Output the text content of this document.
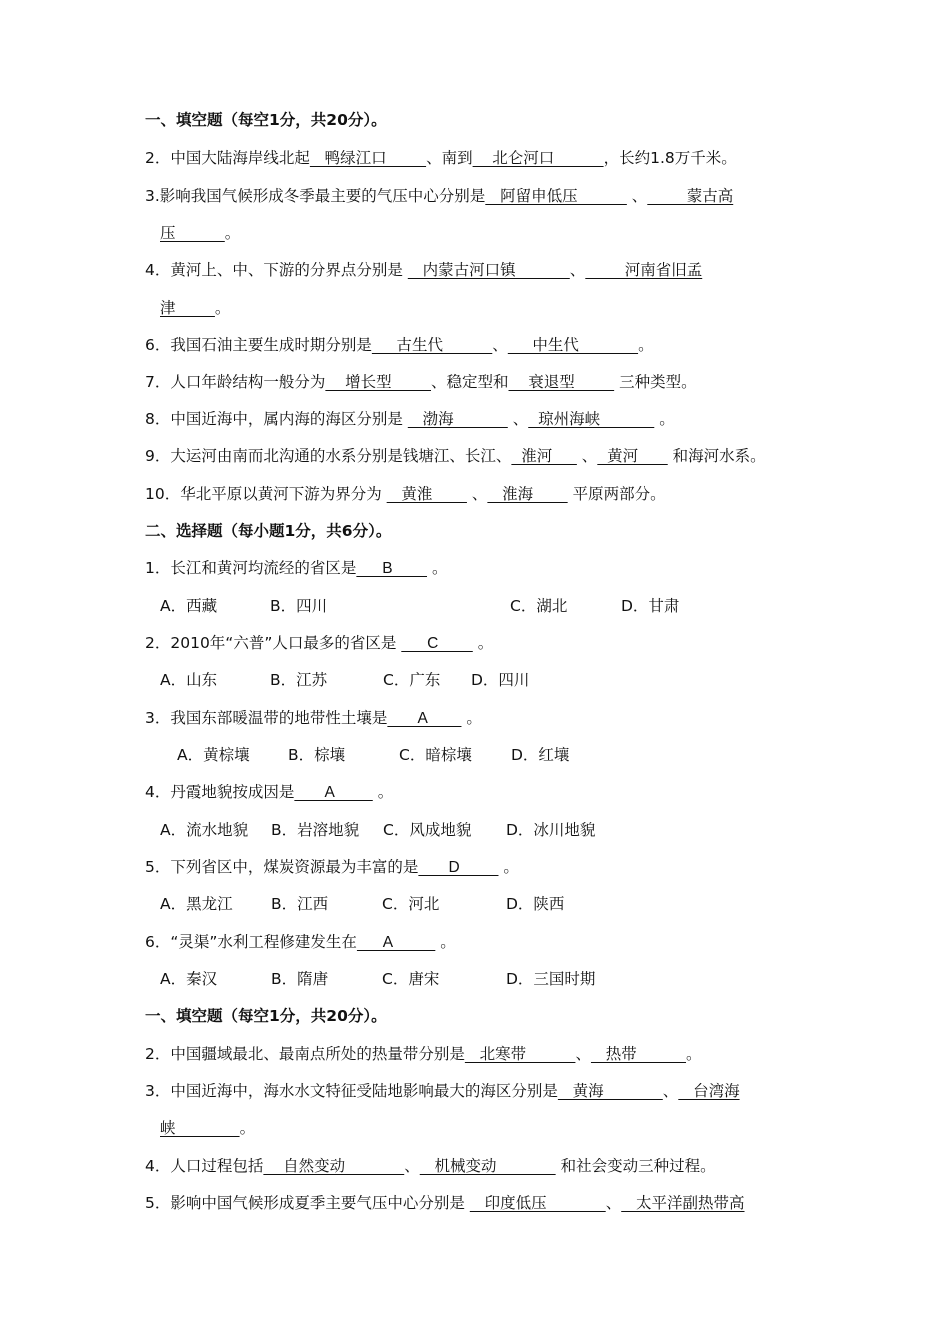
一、填空题（每空1分，共20分）。
2．中国大陆海岸线北起   鸭绿江口        、南到    北仑河口          ，长约1.8万千米。
3.影响我国气候形成冬季最主要的气压中心分别是   阿留申低压           、        蒙古高
压          。
4．黄河上、中、下游的分界点分别是    内蒙古河口镇           、        河南省旧孟
津        。
6．我国石油主要生成时期分别是     古生代          、     中生代            。
7．人口年龄结构一般分为    增长型        、稳定型和    衰退型         三种类型。
8．中国近海中，属内海的海区分别是    渤海            、  琼州海峡            。
9．大运河由南而北沟通的水系分别是钱塘江、长江、  淮河      、  黄河       和海河水系。
10．华北平原以黄河下游为界分为    黄淮        、   淮海        平原两部分。
二、选择题（每小题1分，共6分）。
1．长江和黄河均流经的省区是      B         。
A．西藏	B．四川	C．湖北	D．甘肃
2．2010年“六普”人口最多的省区是       C         。
A．山东	B．江苏	C．广东 D．四川
3．我国东部暖温带的地带性土壤是       A         。
A．黄棕壤 B．棕壤	C．暗棕壤	D．红壤
4．丹霞地貌按成因是       A          。
A．流水地貌 B．岩溶地貌 C．风成地貌 D．冰川地貌
5．下列省区中，煤炭资源最为丰富的是       D          。
A．黑龙江 B．江西	C．河北	D．陕西
6．“灵渠”水利工程修建发生在      A           。
A．秦汉	B．隋唐	C．唐宋	D．三国时期
一、填空题（每空1分，共20分）。
2．中国疆域最北、最南点所处的热量带分别是   北寒带          、   热带          。
3．中国近海中，海水水文特征受陆地影响最大的海区分别是   黄海            、   台湾海
峡             。
4．人口过程包括    自然变动            、   机械变动             和社会变动三种过程。
5．影响中国气候形成夏季主要气压中心分别是    印度低压            、   太平洋副热带高
